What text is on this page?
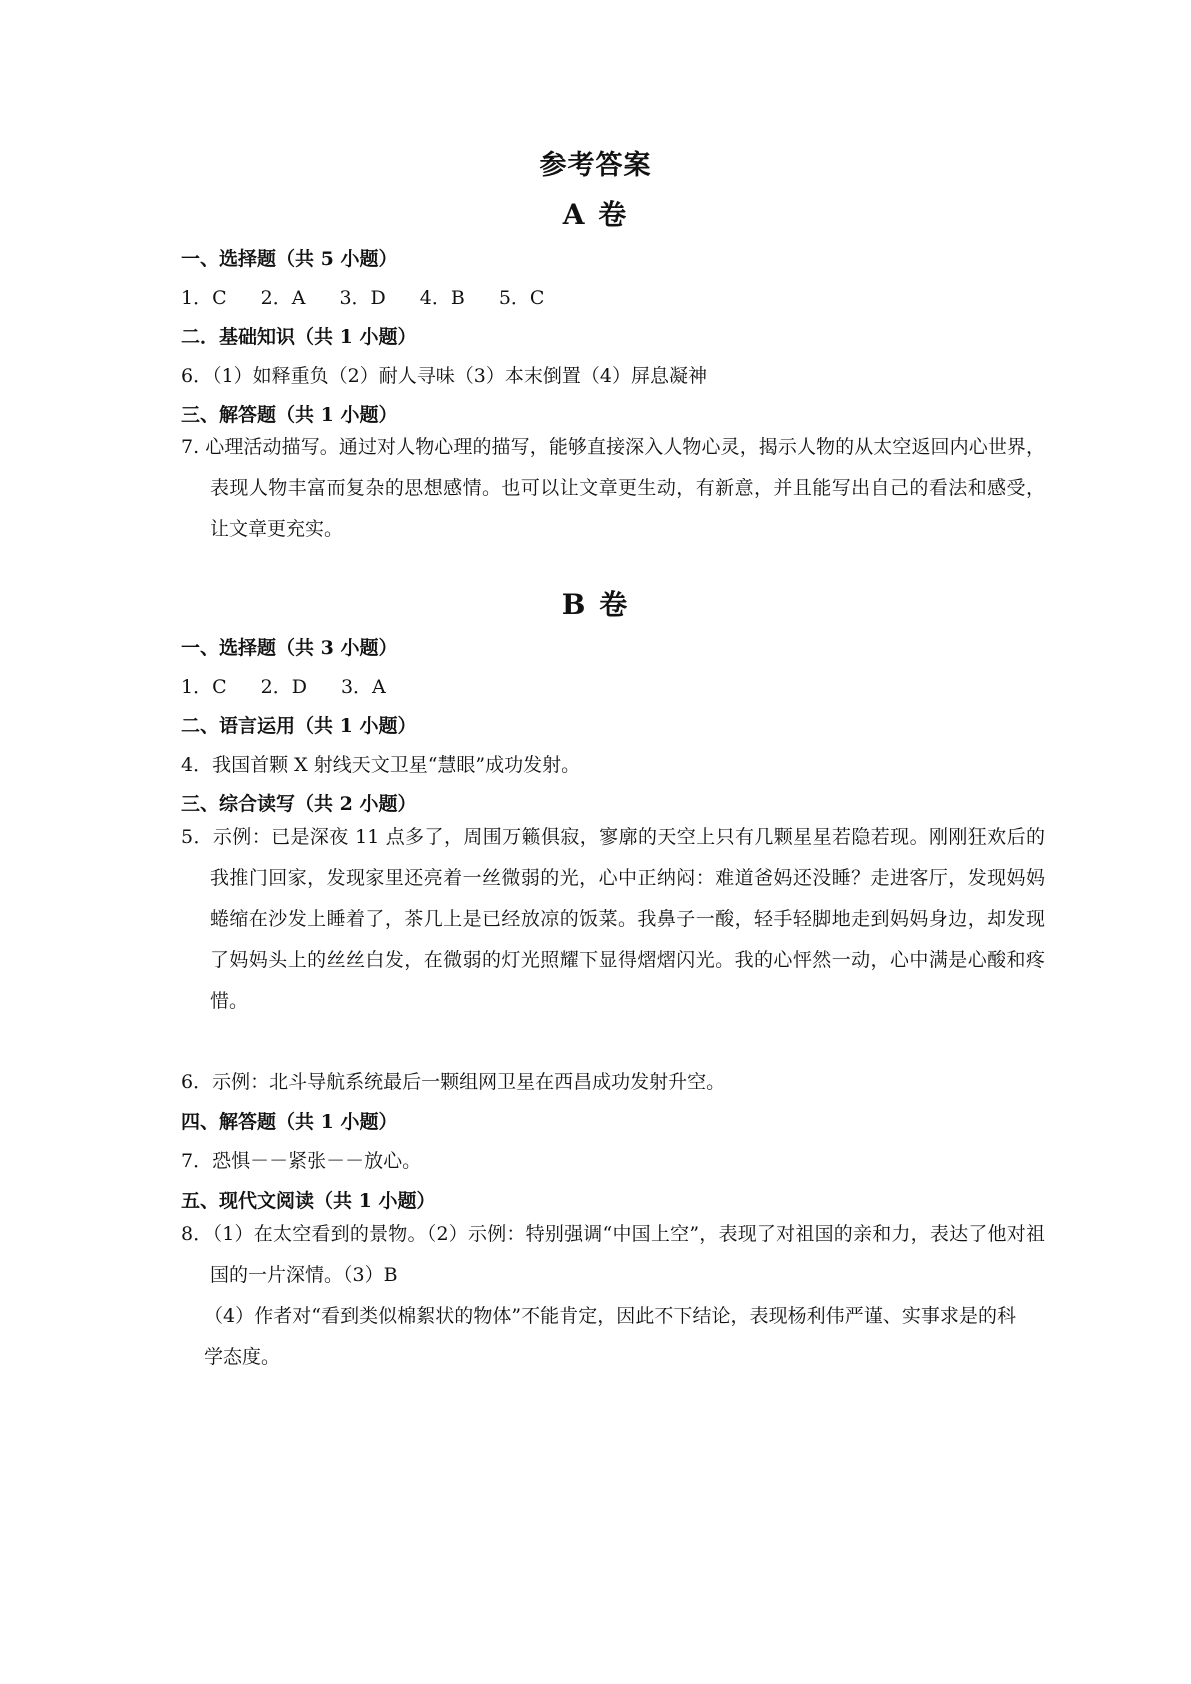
参考答案
A 卷
一、选择题（共 5 小题）
1．C 2．A 3．D 4．B 5．C
二．基础知识（共 1 小题）
6．（1）如释重负（2）耐人寻味（3）本末倒置（4）屏息凝神
三、解答题（共 1 小题）
7. 心理活动描写。通过对人物心理的描写，能够直接深入人物心灵，揭示人物的从太空返回内心世界，表现人物丰富而复杂的思想感情。也可以让文章更生动，有新意，并且能写出自己的看法和感受，让文章更充实。
B 卷
一、选择题（共 3 小题）
1．C 2．D 3．A
二、语言运用（共 1 小题）
4．我国首颗 X 射线天文卫星“慧眼”成功发射。
三、综合读写（共 2 小题）
5．示例：已是深夜 11 点多了，周围万籁俱寂，寥廓的天空上只有几颗星星若隐若现。刚刚狂欢后的我推门回家，发现家里还亮着一丝微弱的光，心中正纳闷：难道爸妈还没睡？走进客厅，发现妈妈蜷缩在沙发上睡着了，茶几上是已经放凉的饭菜。我鼻子一酸，轻手轻脚地走到妈妈身边，却发现了妈妈头上的丝丝白发，在微弱的灯光照耀下显得熠熠闪光。我的心怦然一动，心中满是心酸和疼惜。
6．示例：北斗导航系统最后一颗组网卫星在西昌成功发射升空。
四、解答题（共 1 小题）
7．恐惧－－紧张－－放心。
五、现代文阅读（共 1 小题）
8．（1）在太空看到的景物。（2）示例：特别强调“中国上空”，表现了对祖国的亲和力，表达了他对祖国的一片深情。（3）B
（4）作者对“看到类似棉絮状的物体”不能肯定，因此不下结论，表现杨利伟严谨、实事求是的科学态度。
